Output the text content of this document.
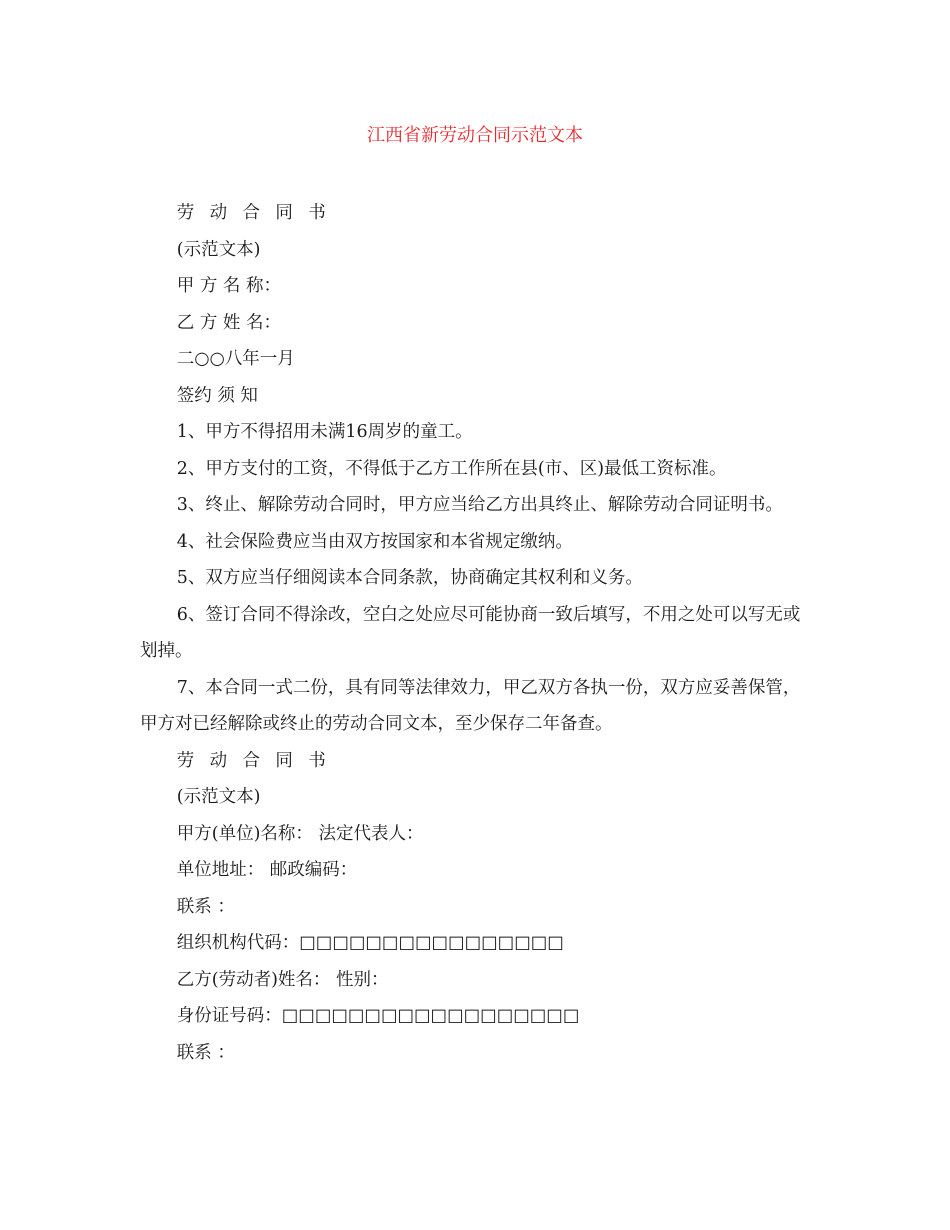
江西省新劳动合同示范文本

劳 动 合 同 书

(示范文本)

甲 方 名 称：

乙 方 姓 名：

二○○八年一月

签约 须 知

1、甲方不得招用未满16周岁的童工。

2、甲方支付的工资，不得低于乙方工作所在县(市、区)最低工资标准。

3、终止、解除劳动合同时，甲方应当给乙方出具终止、解除劳动合同证明书。

4、社会保险费应当由双方按国家和本省规定缴纳。

5、双方应当仔细阅读本合同条款，协商确定其权利和义务。

6、签订合同不得涂改，空白之处应尽可能协商一致后填写，不用之处可以写无或划掉。

7、本合同一式二份，具有同等法律效力，甲乙双方各执一份，双方应妥善保管，甲方对已经解除或终止的劳动合同文本，至少保存二年备查。

劳 动 合 同 书

(示范文本)

甲方(单位)名称： 法定代表人：

单位地址： 邮政编码：

联系 ：

组织机构代码：□□□□□□□□□□□□□□□□

乙方(劳动者)姓名： 性别：

身份证号码：□□□□□□□□□□□□□□□□□□

联系 ：
